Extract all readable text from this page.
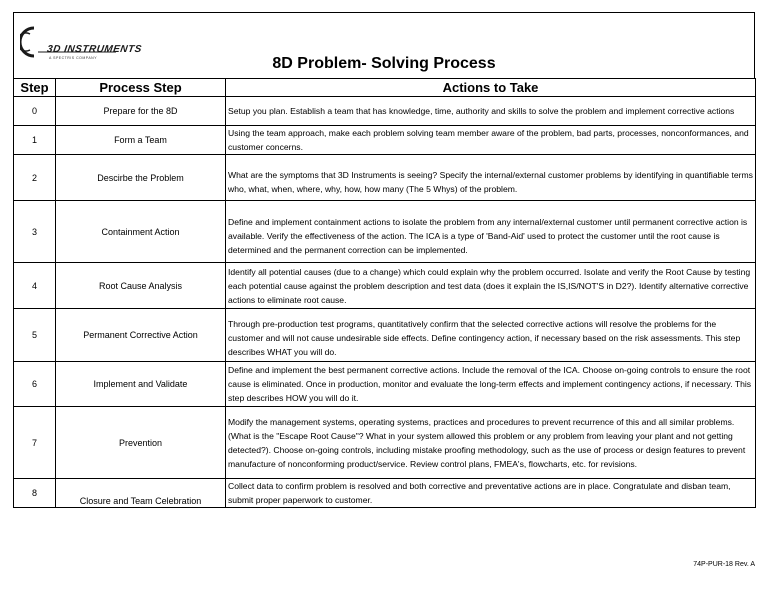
3D INSTRUMENTS
A SPECTRIS COMPANY	8D Problem- Solving Process
Step	Process Step	Actions to Take
0	Prepare for the 8D	Setup you plan. Establish a team that has knowledge, time, authority and skills to solve the problem and implement corrective actions
1	Form a Team	Using the team approach, make each problem solving team member aware of the problem, bad parts, processes, nonconformances, and customer concerns.
2	Descirbe the Problem	What are the symptoms that 3D Instruments is seeing? Specify the internal/external customer problems by identifying in quantifiable terms who, what, when, where, why, how, how many (The 5 Whys) of the problem.
3	Containment Action	Define and implement containment actions to isolate the problem from any internal/external customer until permanent corrective action is available. Verify the effectiveness of the action. The ICA is a type of 'Band-Aid' used to protect the customer until the root cause is determined and the permanent correction can be implemented.
4	Root Cause Analysis	Identify all potential causes (due to a change) which could explain why the problem occurred. Isolate and verify the Root Cause by testing each potential cause against the problem description and test data (does it explain the IS,IS/NOT'S in D2?). Identify alternative corrective actions to eliminate root cause.
5	Permanent Corrective Action	Through pre-production test programs, quantitatively confirm that the selected corrective actions will resolve the problems for the customer and will not cause undesirable side effects. Define contingency action, if necessary based on the risk assessments. This step describes WHAT you will do.
6	Implement and Validate	Define and implement the best permanent corrective actions. Include the removal of the ICA. Choose on-going controls to ensure the root cause is eliminated. Once in production, monitor and evaluate the long-term effects and implement contingency actions, if necessary. This step describes HOW you will do it.
7	Prevention	Modify the management systems, operating systems, practices and procedures to prevent recurrence of this and all similar problems. (What is the "Escape Root Cause"? What in your system allowed this problem or any problem from leaving your plant and not getting detected?). Choose on-going controls, including mistake proofing methodology, such as the use of process or design features to prevent manufacture of nonconforming product/service. Review control plans, FMEA's, flowcharts, etc. for revisions.
8	Closure and Team Celebration	Collect data to confirm problem is resolved and both corrective and preventative actions are in place. Congratulate and disban team, submit proper paperwork to customer.
74P-PUR-18 Rev. A
